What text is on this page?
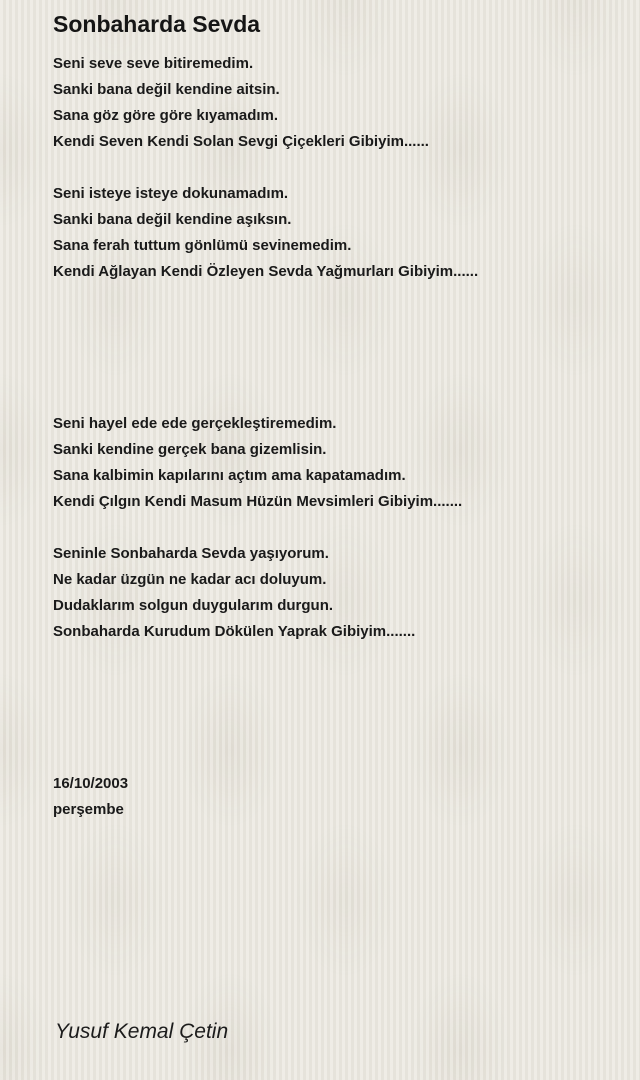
Sonbaharda Sevda
Seni seve seve bitiremedim.
Sanki bana değil kendine aitsin.
Sana göz göre göre kıyamadım.
Kendi Seven Kendi Solan Sevgi Çiçekleri Gibiyim......
Seni isteye isteye dokunamadım.
Sanki bana değil kendine aşıksın.
Sana ferah tuttum gönlümü sevinemedim.
Kendi Ağlayan Kendi Özleyen Sevda Yağmurları Gibiyim......
Seni hayel ede ede gerçekleştiremedim.
Sanki kendine gerçek bana gizemlisin.
Sana kalbimin kapılarını açtım ama kapatamadım.
Kendi Çılgın Kendi Masum Hüzün Mevsimleri Gibiyim.......
Seninle Sonbaharda Sevda yaşıyorum.
Ne kadar üzgün ne kadar acı doluyum.
Dudaklarım solgun duygularım durgun.
Sonbaharda Kurudum Dökülen Yaprak Gibiyim.......
16/10/2003
perşembe
Yusuf Kemal Çetin
